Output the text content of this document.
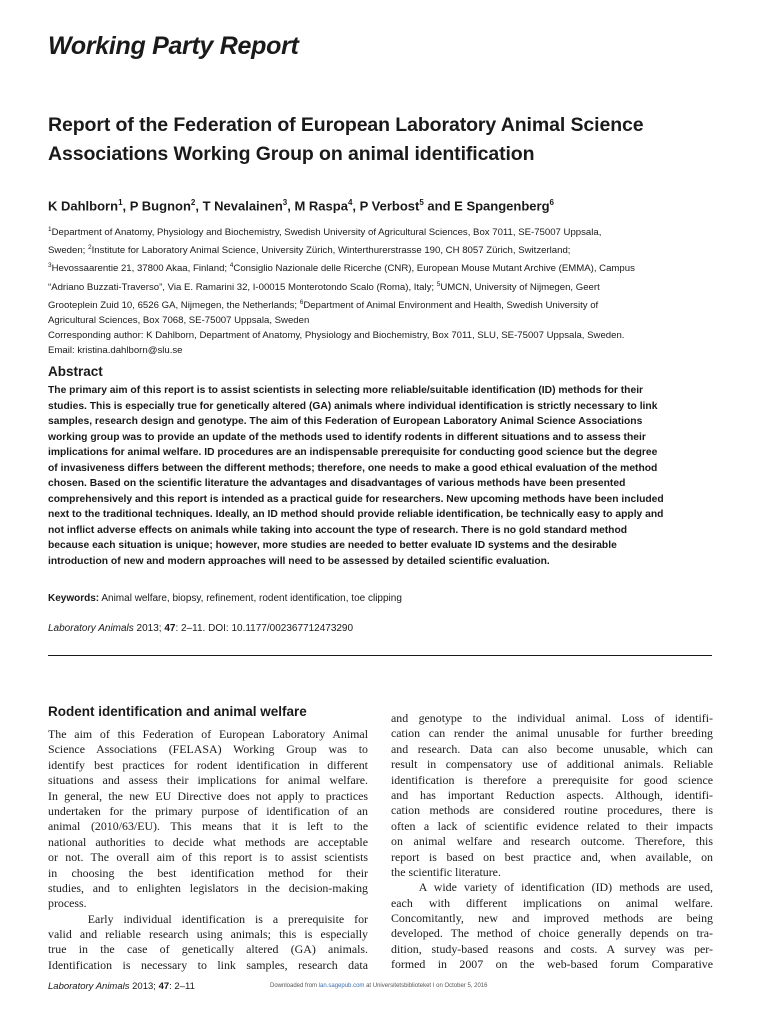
Working Party Report
Report of the Federation of European Laboratory Animal Science Associations Working Group on animal identification
K Dahlborn$^1$, P Bugnon$^2$, T Nevalainen$^3$, M Raspa$^4$, P Verbost$^5$ and E Spangenberg$^6$
$^1$Department of Anatomy, Physiology and Biochemistry, Swedish University of Agricultural Sciences, Box 7011, SE-75007 Uppsala,
Sweden; $^2$Institute for Laboratory Animal Science, University Zürich, Winterthurerstrasse 190, CH 8057 Zürich, Switzerland;
$^3$Hevossaarentie 21, 37800 Akaa, Finland; $^4$Consiglio Nazionale delle Ricerche (CNR), European Mouse Mutant Archive (EMMA), Campus
“Adriano Buzzati-Traverso”, Via E. Ramarini 32, I-00015 Monterotondo Scalo (Roma), Italy; $^5$UMCN, University of Nijmegen, Geert
Grooteplein Zuid 10, 6526 GA, Nijmegen, the Netherlands; $^6$Department of Animal Environment and Health, Swedish University of
Agricultural Sciences, Box 7068, SE-75007 Uppsala, Sweden
Corresponding author: K Dahlborn, Department of Anatomy, Physiology and Biochemistry, Box 7011, SLU, SE-75007 Uppsala, Sweden.
Email: kristina.dahlborn@slu.se
Abstract
The primary aim of this report is to assist scientists in selecting more reliable/suitable identification (ID) methods for their
studies. This is especially true for genetically altered (GA) animals where individual identification is strictly necessary to link
samples, research design and genotype. The aim of this Federation of European Laboratory Animal Science Associations
working group was to provide an update of the methods used to identify rodents in different situations and to assess their
implications for animal welfare. ID procedures are an indispensable prerequisite for conducting good science but the degree
of invasiveness differs between the different methods; therefore, one needs to make a good ethical evaluation of the method
chosen. Based on the scientific literature the advantages and disadvantages of various methods have been presented
comprehensively and this report is intended as a practical guide for researchers. New upcoming methods have been included
next to the traditional techniques. Ideally, an ID method should provide reliable identification, be technically easy to apply and
not inflict adverse effects on animals while taking into account the type of research. There is no gold standard method
because each situation is unique; however, more studies are needed to better evaluate ID systems and the desirable
introduction of new and modern approaches will need to be assessed by detailed scientific evaluation.
Keywords: Animal welfare, biopsy, refinement, rodent identification, toe clipping
Laboratory Animals 2013; 47: 2–11. DOI: 10.1177/002367712473290
Rodent identification and animal welfare
The aim of this Federation of European Laboratory Animal
Science Associations (FELASA) Working Group was to
identify best practices for rodent identification in different
situations and assess their implications for animal welfare.
In general, the new EU Directive does not apply to practices
undertaken for the primary purpose of identification of an
animal (2010/63/EU). This means that it is left to the
national authorities to decide what methods are acceptable
or not. The overall aim of this report is to assist scientists
in choosing the best identification method for their
studies, and to enlighten legislators in the decision-making
process.
Early individual identification is a prerequisite for
valid and reliable research using animals; this is especially
true in the case of genetically altered (GA) animals.
Identification is necessary to link samples, research data
and genotype to the individual animal. Loss of identifi-
cation can render the animal unusable for further breeding
and research. Data can also become unusable, which can
result in compensatory use of additional animals. Reliable
identification is therefore a prerequisite for good science
and has important Reduction aspects. Although, identifi-
cation methods are considered routine procedures, there is
often a lack of scientific evidence related to their impacts
on animal welfare and research outcome. Therefore, this
report is based on best practice and, when available, on
the scientific literature.
A wide variety of identification (ID) methods are used,
each with different implications on animal welfare.
Concomitantly, new and improved methods are being
developed. The method of choice generally depends on tra-
dition, study-based reasons and costs. A survey was per-
formed in 2007 on the web-based forum Comparative
Laboratory Animals 2013; 47: 2–11	Downloaded from lan.sagepub.com at Universitetsbiblioteket I on October 5, 2016
